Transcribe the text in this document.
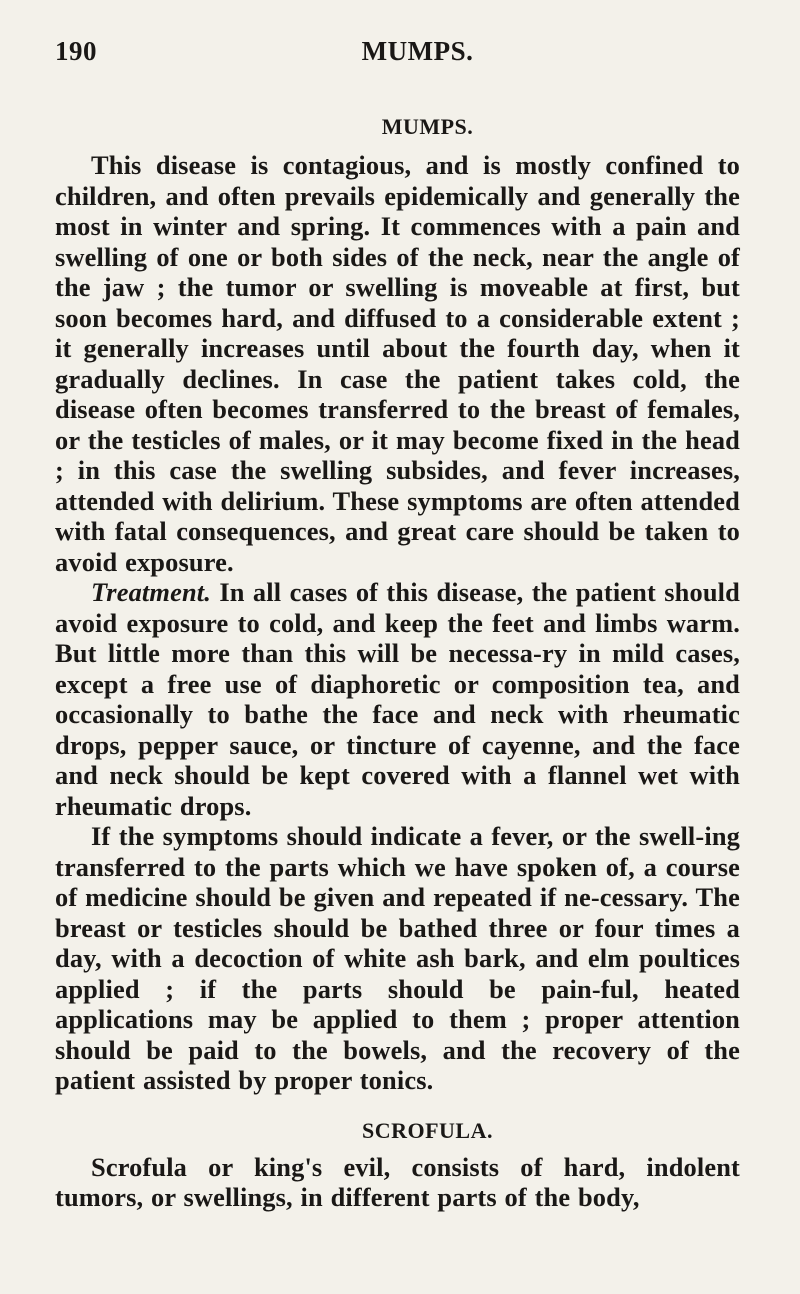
190	MUMPS.
MUMPS.

This disease is contagious, and is mostly confined to children, and often prevails epidemically and generally the most in winter and spring. It commences with a pain and swelling of one or both sides of the neck, near the angle of the jaw ; the tumor or swelling is moveable at first, but soon becomes hard, and diffused to a considerable extent ; it generally increases until about the fourth day, when it gradually declines. In case the patient takes cold, the disease often becomes transferred to the breast of females, or the testicles of males, or it may become fixed in the head ; in this case the swelling subsides, and fever increases, attended with delirium. These symptoms are often attended with fatal consequences, and great care should be taken to avoid exposure.

Treatment. In all cases of this disease, the patient should avoid exposure to cold, and keep the feet and limbs warm. But little more than this will be necessa-ry in mild cases, except a free use of diaphoretic or composition tea, and occasionally to bathe the face and neck with rheumatic drops, pepper sauce, or tincture of cayenne, and the face and neck should be kept covered with a flannel wet with rheumatic drops.

If the symptoms should indicate a fever, or the swell-ing transferred to the parts which we have spoken of, a course of medicine should be given and repeated if ne-cessary. The breast or testicles should be bathed three or four times a day, with a decoction of white ash bark, and elm poultices applied ; if the parts should be pain-ful, heated applications may be applied to them ; proper attention should be paid to the bowels, and the recovery of the patient assisted by proper tonics.

SCROFULA.

Scrofula or king's evil, consists of hard, indolent tumors, or swellings, in different parts of the body,
